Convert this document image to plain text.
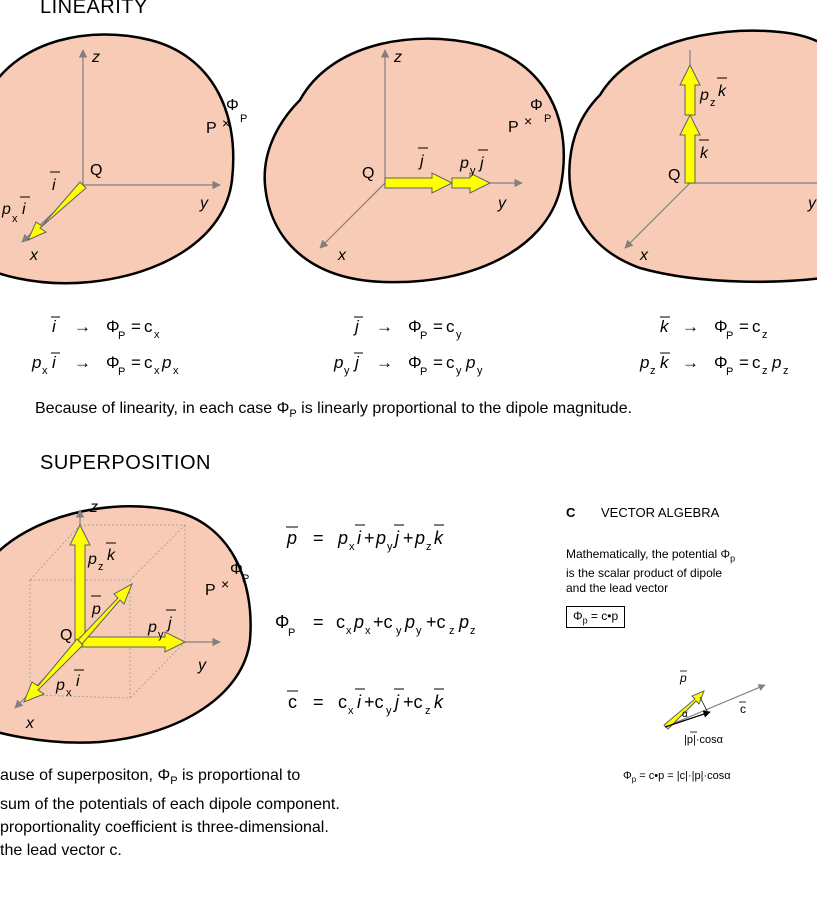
LINEARITY
z
y
x
Q
P ×
Φ
P
i
p
x
i
z
y
x
Q
P ×
Φ
P
j p y j
y
x
Q
k
p z
k
i → Φ
P = c x
p x i → Φ
P = c x p x
j → Φ
P = c y
p y j → Φ
P = c y p y
k → Φ
P = c z
p z k → Φ
P = c z p z
Because of linearity, in each case $\Phi_P$ is linearly proportional to the dipole magnitude.
SUPERPOSITION
z
y
x
Q
P ×
Φ
P
p z
k
p
p y
j
p x
i
p = p x i + p y j + p z k
Φ
P
= c x p x +c y p y +c z p z
c = c x i +c y j +c z k
ause of superpositon, $\Phi_P$ is proportional to
sum of the potentials of each dipole component.
proportionality coefficient is three-dimensional.
the lead vector c.
C VECTOR ALGEBRA
Mathematically, the potential $\Phi_p$
is the scalar product of dipole
and the lead vector
$\Phi_p$ = c•p
p
c
α
|p|·cosα
$\Phi_p$ = c•p = |c|·|p|·cosα
